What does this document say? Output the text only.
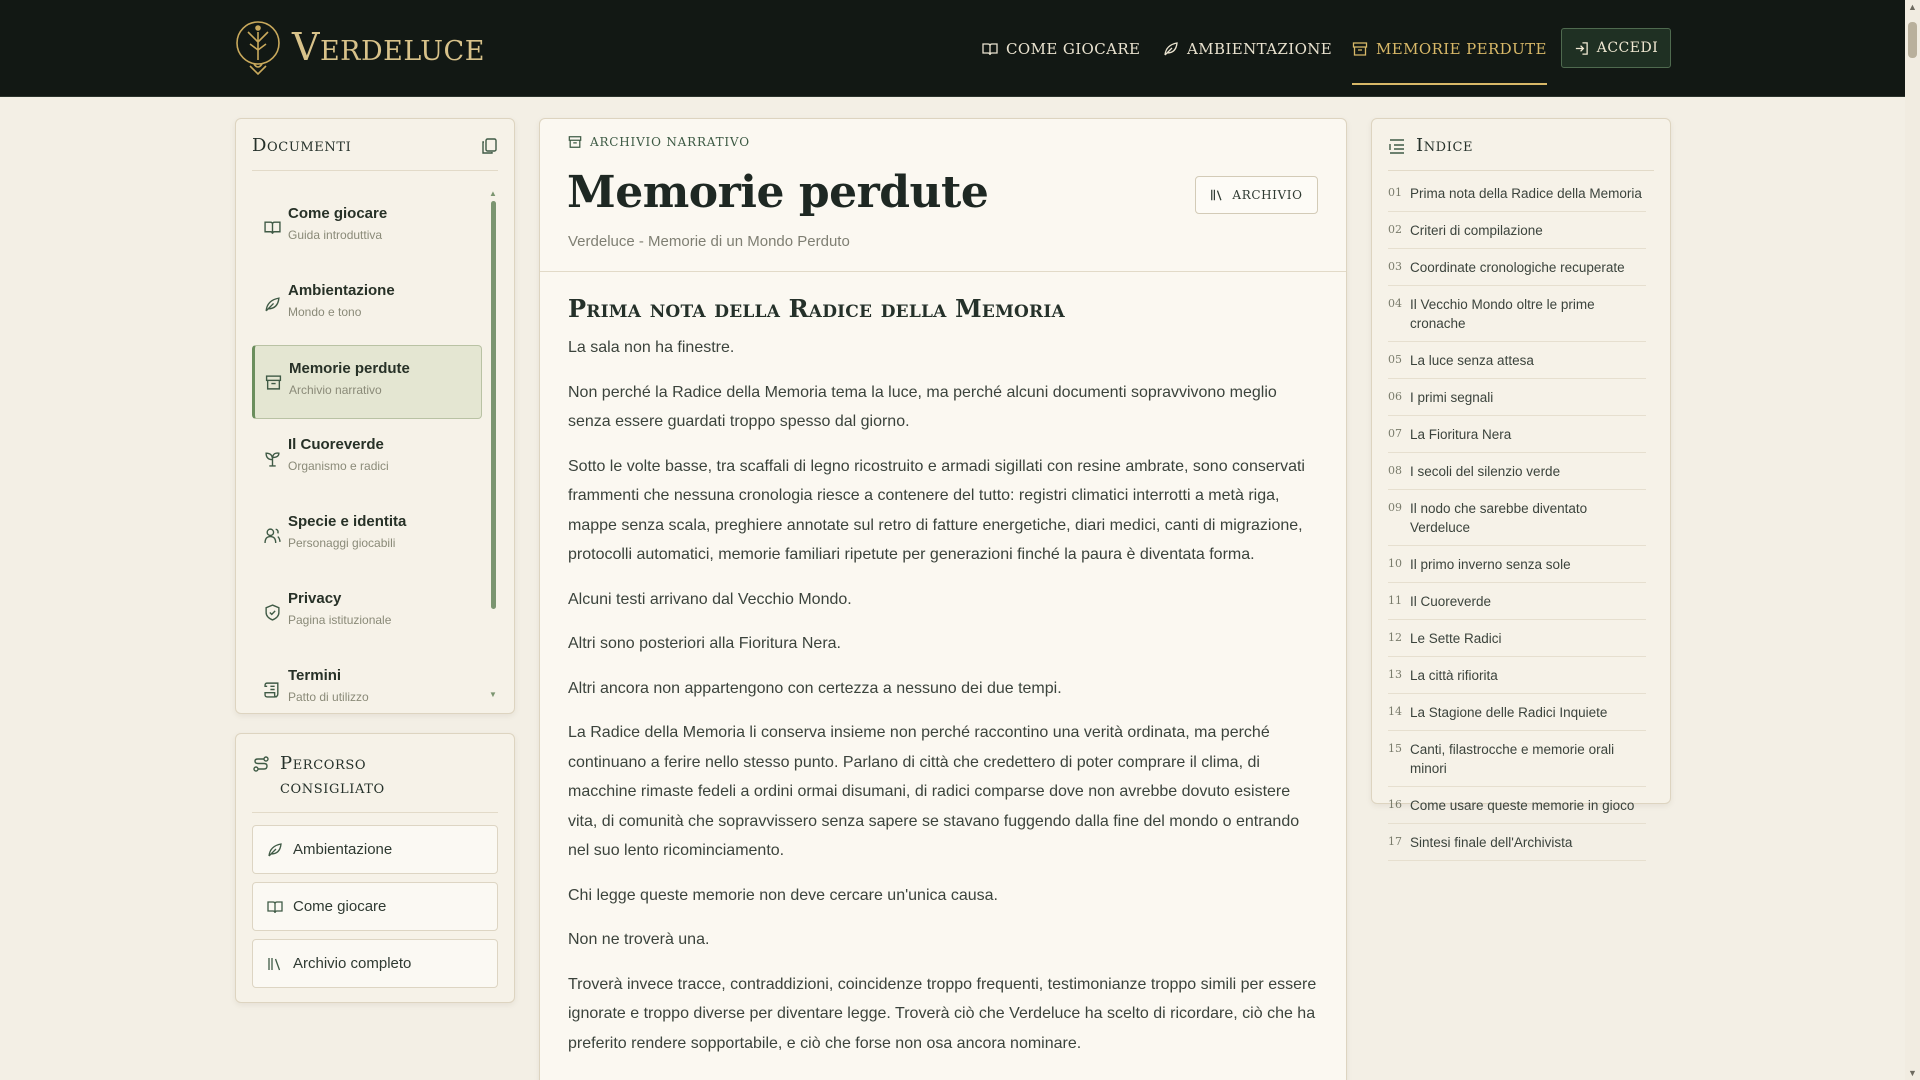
Verdeluce	COME GIOCARE	AMBIENTAZIONE	MEMORIE PERDUTE	ACCEDI
Documenti
Come giocare
Guida introduttiva
Ambientazione
Mondo e tono
Memorie perdute
Archivio narrativo
Il Cuoreverde
Organismo e radici
Specie e identita
Personaggi giocabili
Privacy
Pagina istituzionale
Termini
Patto di utilizzo
▲
▼
Percorso consigliato
Ambientazione
Come giocare
Archivio completo
ARCHIVIO NARRATIVO
Memorie perdute
Verdeluce - Memorie di un Mondo Perduto
ARCHIVIO
Prima nota della Radice della Memoria

La sala non ha finestre.

Non perché la Radice della Memoria tema la luce, ma perché alcuni documenti sopravvivono meglio senza essere guardati troppo spesso dal giorno.

Sotto le volte basse, tra scaffali di legno ricostruito e armadi sigillati con resine ambrate, sono conservati frammenti che nessuna cronologia riesce a contenere del tutto: registri climatici interrotti a metà riga, mappe senza scala, preghiere annotate sul retro di fatture energetiche, diari medici, canti di migrazione, protocolli automatici, memorie familiari ripetute per generazioni finché la paura è diventata forma.

Alcuni testi arrivano dal Vecchio Mondo.

Altri sono posteriori alla Fioritura Nera.

Altri ancora non appartengono con certezza a nessuno dei due tempi.

La Radice della Memoria li conserva insieme non perché raccontino una verità ordinata, ma perché continuano a ferire nello stesso punto. Parlano di città che credettero di poter comprare il clima, di macchine rimaste fedeli a ordini ormai disumani, di radici comparse dove non avrebbe dovuto esistere vita, di comunità che sopravvissero senza sapere se stavano fuggendo dalla fine del mondo o entrando nel suo lento ricominciamento.

Chi legge queste memorie non deve cercare un'unica causa.

Non ne troverà una.

Troverà invece tracce, contraddizioni, coincidenze troppo frequenti, testimonianze troppo simili per essere ignorate e troppo diverse per diventare legge. Troverà ciò che Verdeluce ha scelto di ricordare, ciò che ha preferito rendere sopportabile, e ciò che forse non osa ancora nominare.

Indice
01 Prima nota della Radice della Memoria
02 Criteri di compilazione
03 Coordinate cronologiche recuperate
04 Il Vecchio Mondo oltre le prime cronache
05 La luce senza attesa
06 I primi segnali
07 La Fioritura Nera
08 I secoli del silenzio verde
09 Il nodo che sarebbe diventato Verdeluce
10 Il primo inverno senza sole
11 Il Cuoreverde
12 Le Sette Radici
13 La città rifiorita
14 La Stagione delle Radici Inquiete
15 Canti, filastrocche e memorie orali minori
16 Come usare queste memorie in gioco
17 Sintesi finale dell'Archivista
▲
▼
